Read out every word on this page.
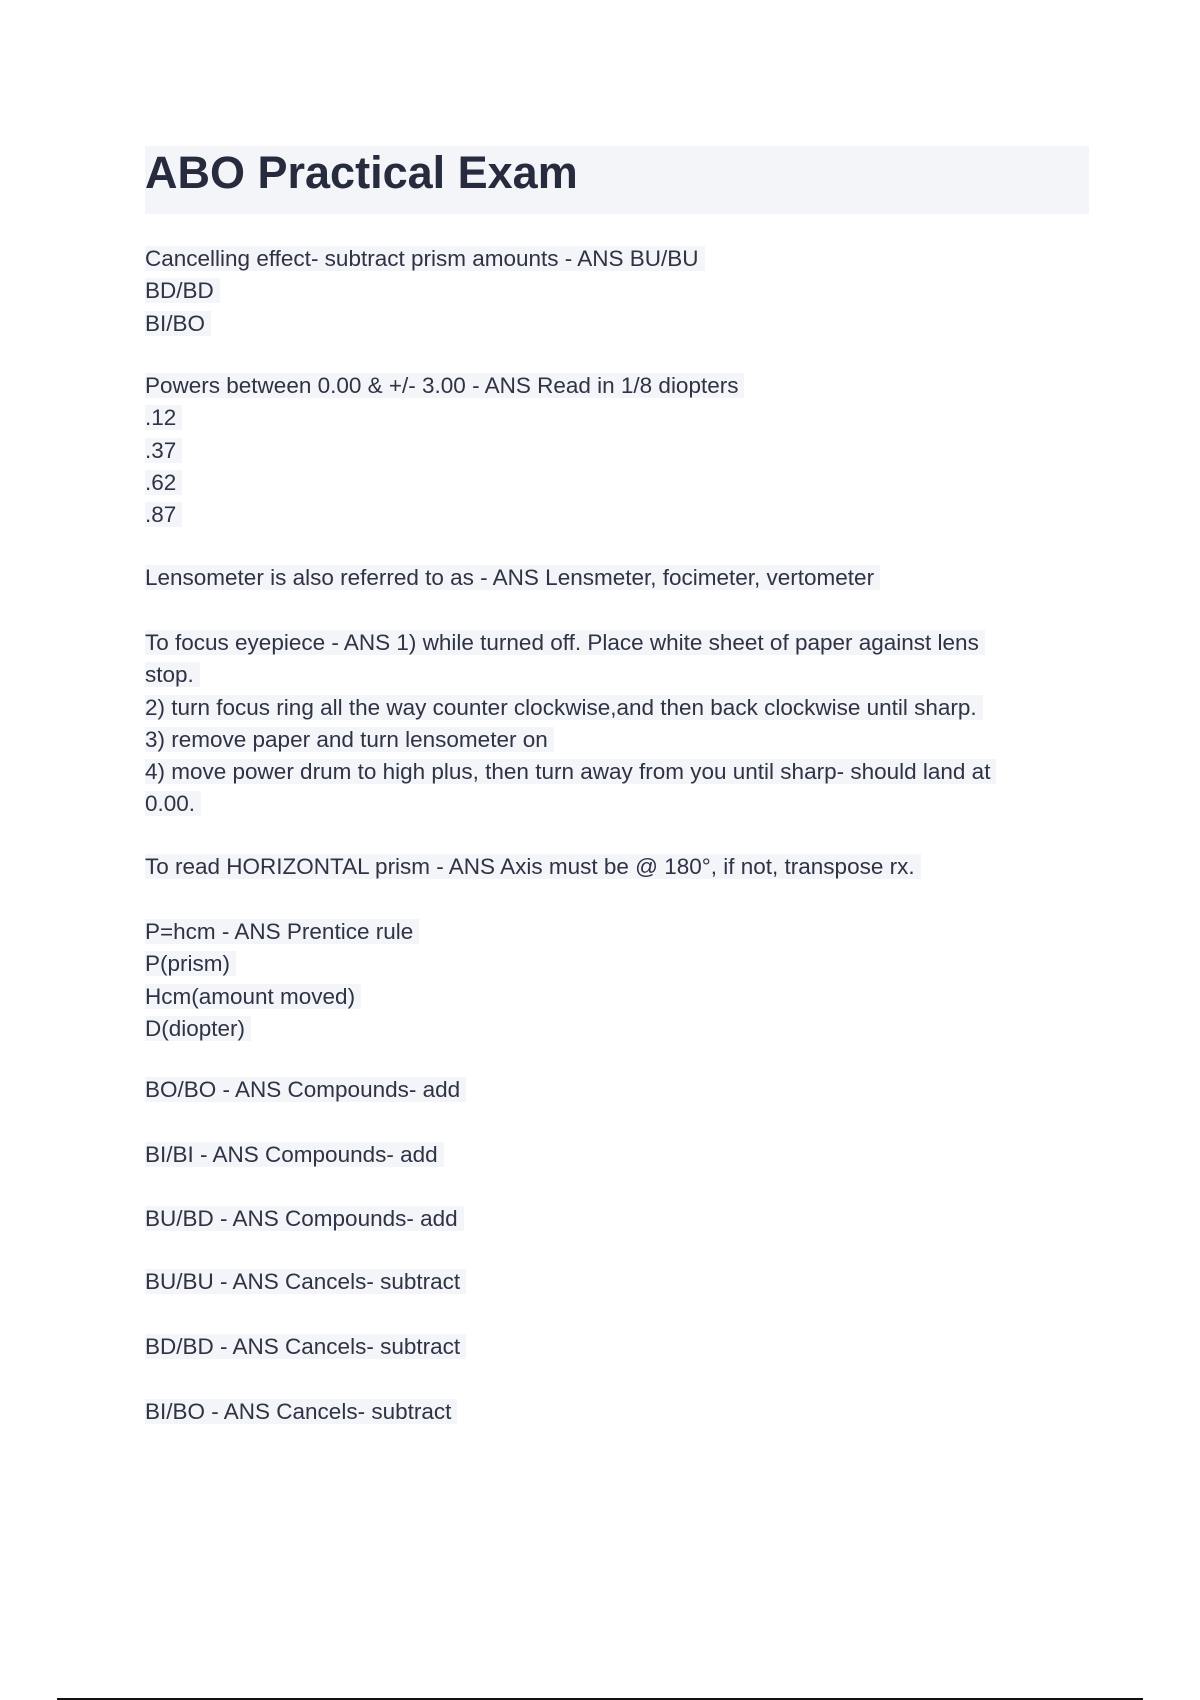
ABO Practical Exam
Cancelling effect- subtract prism amounts - ANS BU/BU
BD/BD
BI/BO
Powers between 0.00 & +/- 3.00 - ANS Read in 1/8 diopters
.12
.37
.62
.87
Lensometer is also referred to as - ANS Lensmeter, focimeter, vertometer
To focus eyepiece - ANS 1) while turned off. Place white sheet of paper against lens
stop.
2) turn focus ring all the way counter clockwise,and then back clockwise until sharp.
3) remove paper and turn lensometer on
4) move power drum to high plus, then turn away from you until sharp- should land at
0.00.
To read HORIZONTAL prism - ANS Axis must be @ 180°, if not, transpose rx.
P=hcm - ANS Prentice rule
P(prism)
Hcm(amount moved)
D(diopter)
BO/BO - ANS Compounds- add
BI/BI - ANS Compounds- add
BU/BD - ANS Compounds- add
BU/BU - ANS Cancels- subtract
BD/BD - ANS Cancels- subtract
BI/BO - ANS Cancels- subtract
